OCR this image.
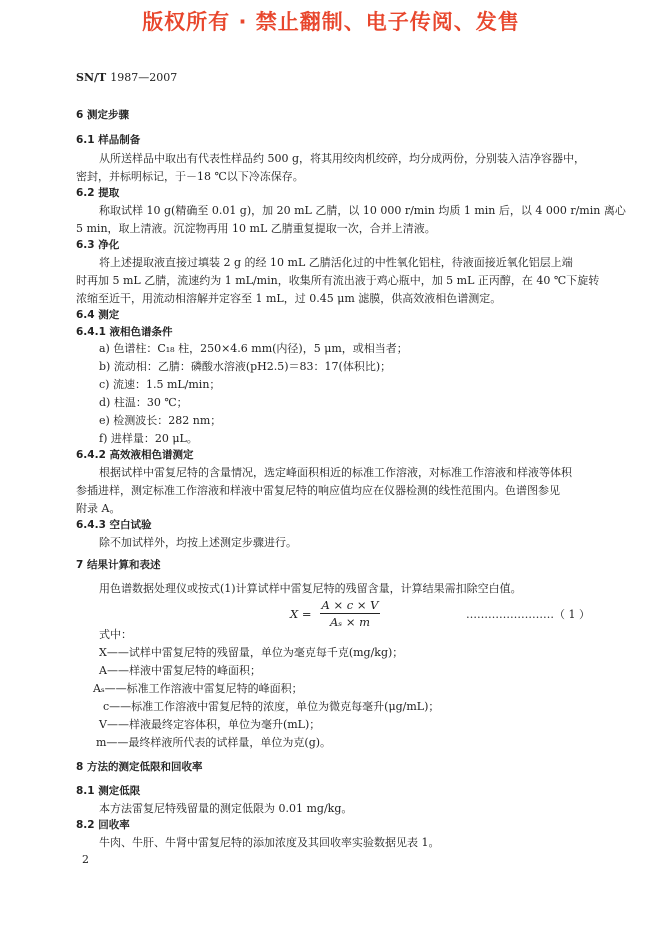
版权所有 · 禁止翻制、电子传阅、发售
SN/T 1987—2007
6 测定步骤
6.1 样品制备
从所送样品中取出有代表性样品约 500 g，将其用绞肉机绞碎，均分成两份，分别装入洁净容器中，
密封，并标明标记，于－18 ℃以下冷冻保存。
6.2 提取
称取试样 10 g(精确至 0.01 g)，加 20 mL 乙腈，以 10 000 r/min 均质 1 min 后，以 4 000 r/min 离心
5 min，取上清液。沉淀物再用 10 mL 乙腈重复提取一次，合并上清液。
6.3 净化
将上述提取液直接过填装 2 g 的经 10 mL 乙腈活化过的中性氧化铝柱，待液面接近氧化铝层上端
时再加 5 mL 乙腈，流速约为 1 mL/min，收集所有流出液于鸡心瓶中，加 5 mL 正丙醇，在 40 ℃下旋转
浓缩至近干，用流动相溶解并定容至 1 mL，过 0.45 μm 滤膜，供高效液相色谱测定。
6.4 测定
6.4.1 液相色谱条件
a) 色谱柱：C₁₈ 柱，250×4.6 mm(内径)，5 μm，或相当者；
b) 流动相：乙腈：磷酸水溶液(pH2.5)＝83：17(体积比)；
c) 流速：1.5 mL/min；
d) 柱温：30 ℃；
e) 检测波长：282 nm；
f) 进样量：20 μL。
6.4.2 高效液相色谱测定
根据试样中雷复尼特的含量情况，选定峰面积相近的标准工作溶液，对标准工作溶液和样液等体积
参插进样，测定标准工作溶液和样液中雷复尼特的响应值均应在仪器检测的线性范围内。色谱图参见
附录 A。
6.4.3 空白试验
除不加试样外，均按上述测定步骤进行。
7 结果计算和表述
用色谱数据处理仪或按式(1)计算试样中雷复尼特的残留含量，计算结果需扣除空白值。
X =
A × c × V
Aₛ × m
……………………（ 1 ）
式中：
X——试样中雷复尼特的残留量，单位为毫克每千克(mg/kg)；
A——样液中雷复尼特的峰面积；
Aₛ——标准工作溶液中雷复尼特的峰面积；
c——标准工作溶液中雷复尼特的浓度，单位为微克每毫升(μg/mL)；
V——样液最终定容体积，单位为毫升(mL)；
m——最终样液所代表的试样量，单位为克(g)。
8 方法的测定低限和回收率
8.1 测定低限
本方法雷复尼特残留量的测定低限为 0.01 mg/kg。
8.2 回收率
牛肉、牛肝、牛肾中雷复尼特的添加浓度及其回收率实验数据见表 1。
2
